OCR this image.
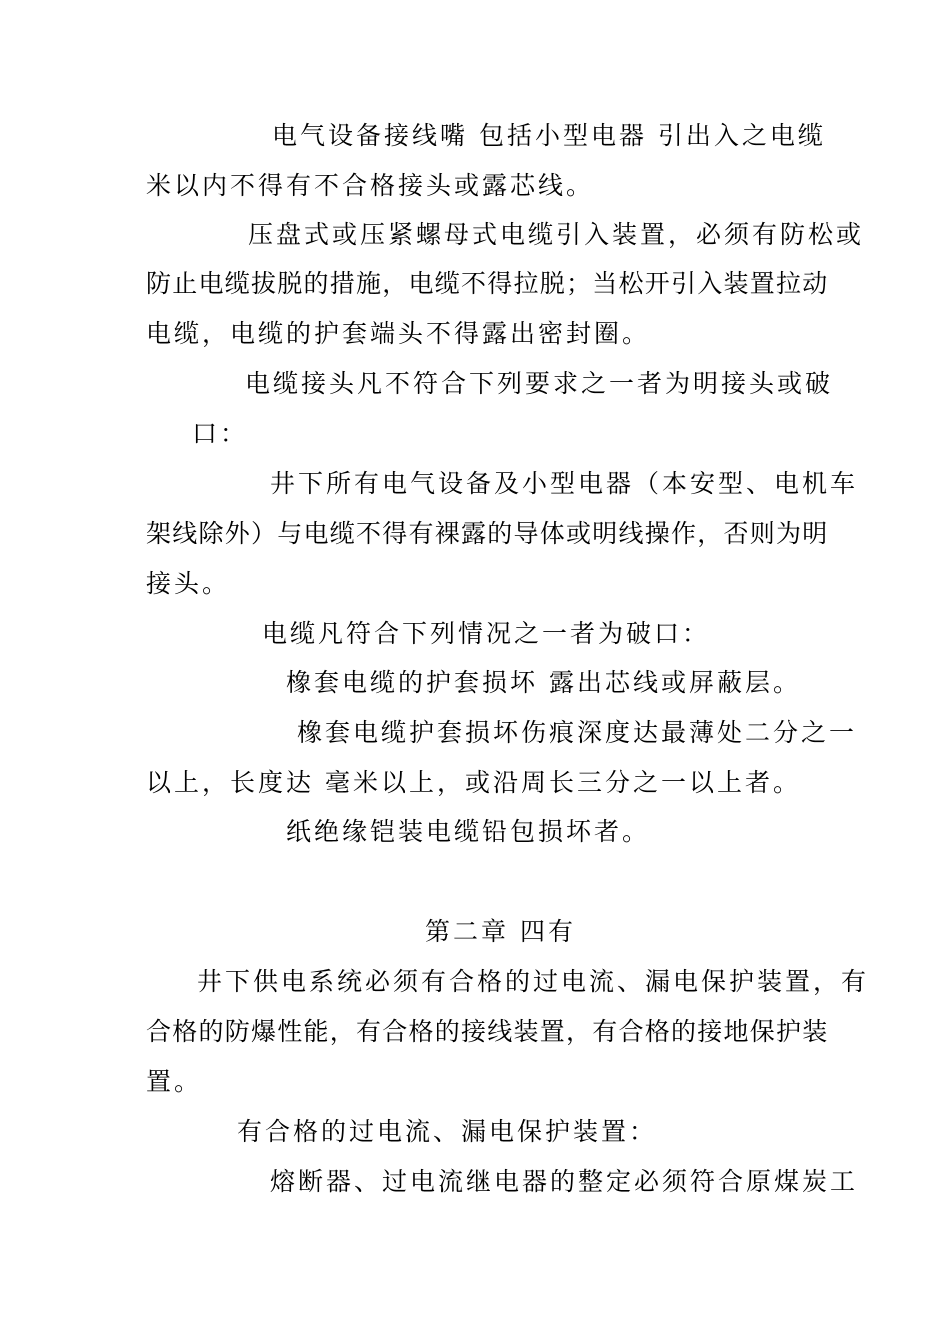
电气设备接线嘴 包括小型电器 引出入之电缆
米以内不得有不合格接头或露芯线。
压盘式或压紧螺母式电缆引入装置，必须有防松或
防止电缆拔脱的措施，电缆不得拉脱；当松开引入装置拉动
电缆，电缆的护套端头不得露出密封圈。
电缆接头凡不符合下列要求之一者为明接头或破
口：
井下所有电气设备及小型电器（本安型、电机车
架线除外）与电缆不得有裸露的导体或明线操作，否则为明
接头。
电缆凡符合下列情况之一者为破口：
橡套电缆的护套损坏 露出芯线或屏蔽层。
橡套电缆护套损坏伤痕深度达最薄处二分之一
以上，长度达 毫米以上，或沿周长三分之一以上者。
纸绝缘铠装电缆铅包损坏者。
第二章 四有
井下供电系统必须有合格的过电流、漏电保护装置，有
合格的防爆性能，有合格的接线装置，有合格的接地保护装
置。
有合格的过电流、漏电保护装置：
熔断器、过电流继电器的整定必须符合原煤炭工
